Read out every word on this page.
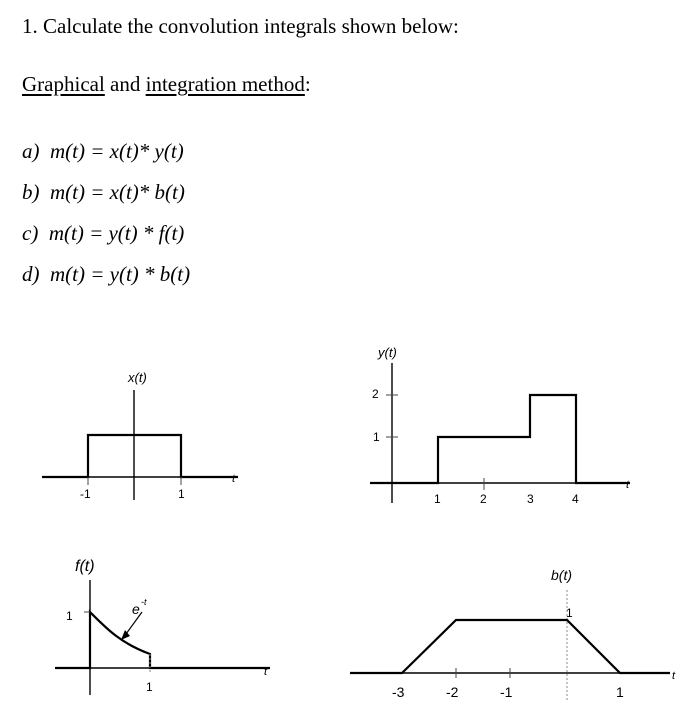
1. Calculate the convolution integrals shown below:
Graphical and integration method:
a) m(t) = x(t)* y(t)
b) m(t) = x(t)* b(t)
c) m(t) = y(t) * f(t)
d) m(t) = y(t) * b(t)
x(t)
t
-1	1
y(t)
2
1
1	2	3	4
t
f(t)
1	e -t
1
t
b(t)
1
-3	-2	-1	1
t
